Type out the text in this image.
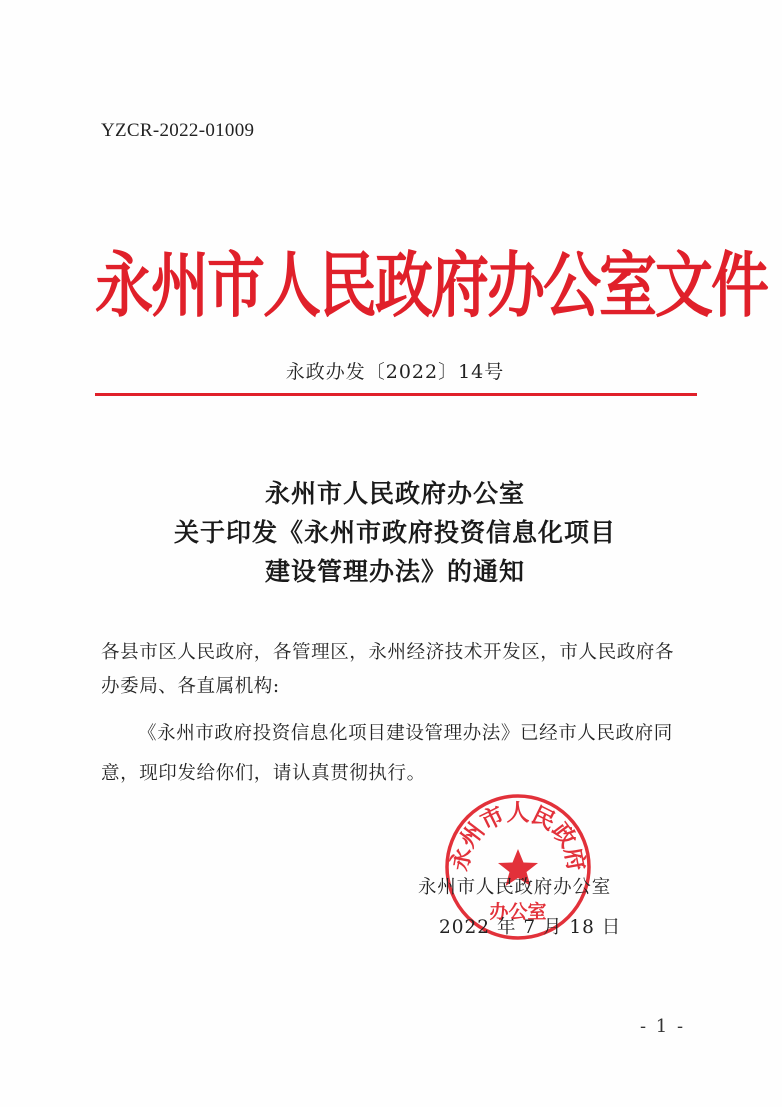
YZCR-2022-01009
永州市人民政府办公室文件
永政办发〔2022〕14号
永州市人民政府办公室
关于印发《永州市政府投资信息化项目
建设管理办法》的通知
各县市区人民政府，各管理区，永州经济技术开发区，市人民政府各办委局、各直属机构:
《永州市政府投资信息化项目建设管理办法》已经市人民政府同意，现印发给你们，请认真贯彻执行。
永州市人民政府
办公室
永州市人民政府办公室
2022 年 7 月 18 日
- 1 -
